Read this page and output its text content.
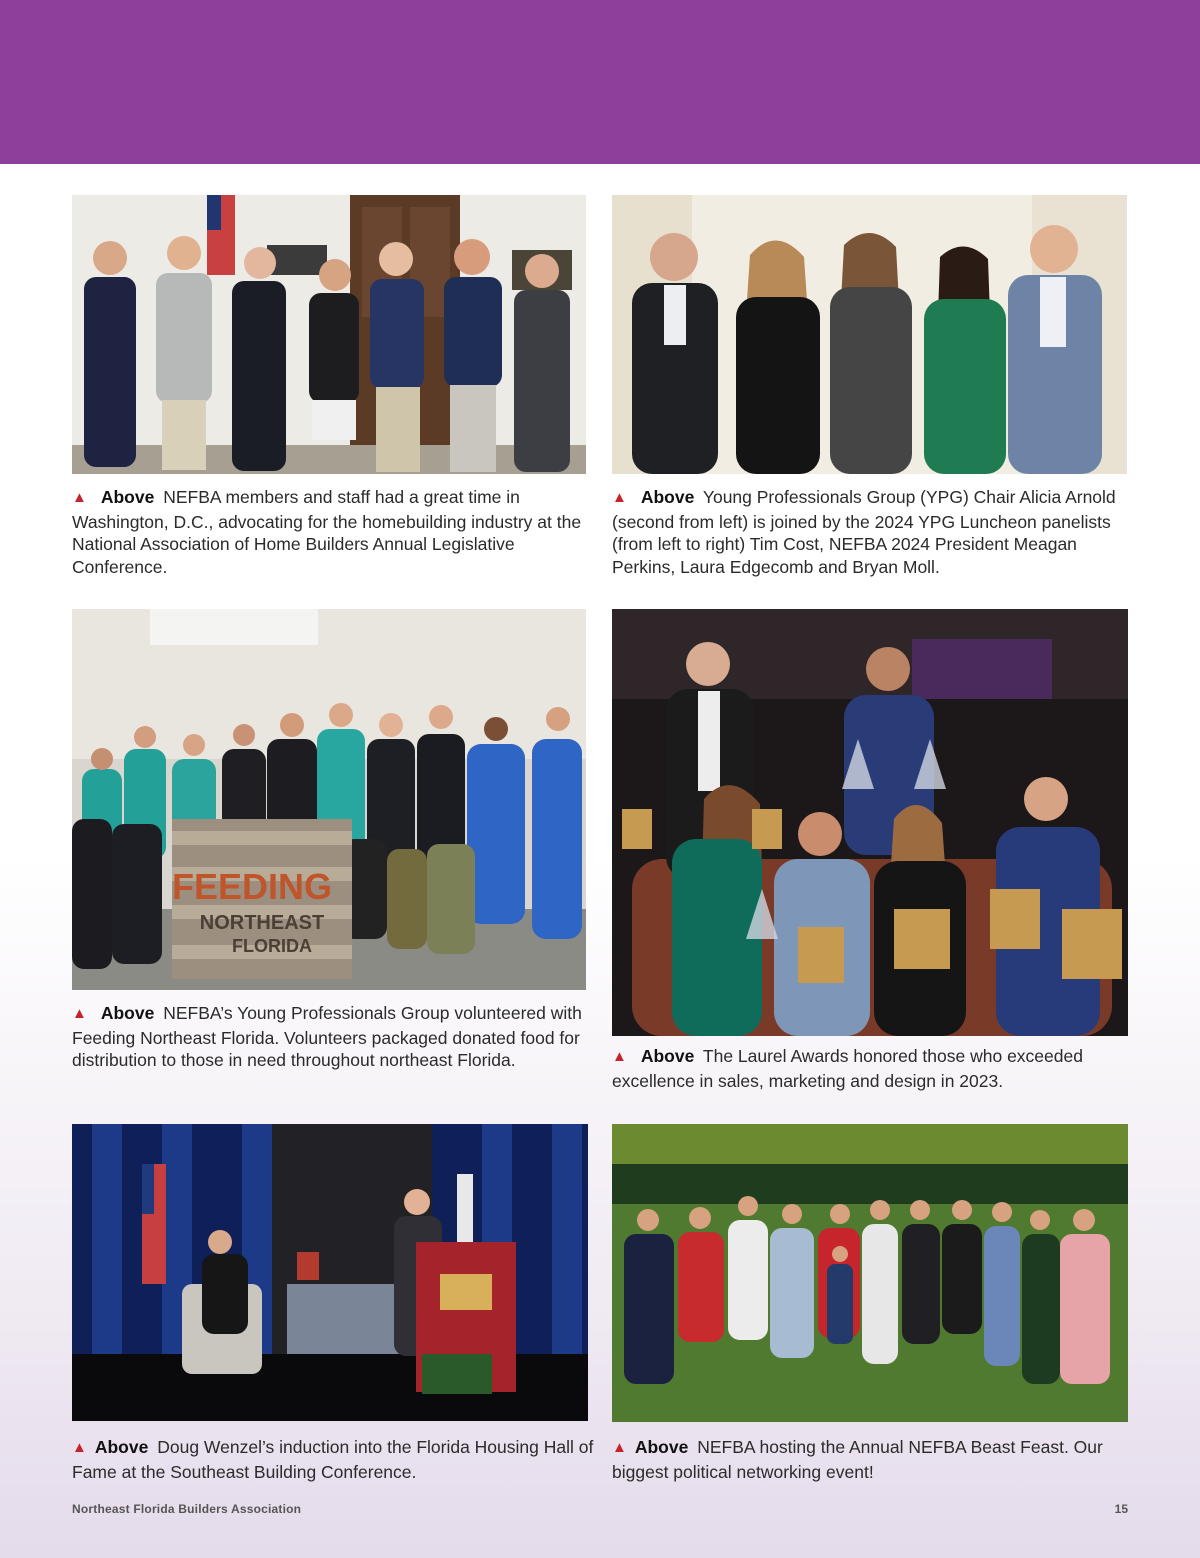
▲ Above NEFBA members and staff had a great time in Washington, D.C., advocating for the homebuilding industry at the National Association of Home Builders Annual Legislative Conference.
▲ Above Young Professionals Group (YPG) Chair Alicia Arnold (second from left) is joined by the 2024 YPG Luncheon panelists (from left to right) Tim Cost, NEFBA 2024 President Meagan Perkins, Laura Edgecomb and Bryan Moll.
FEEDING
NORTHEAST
FLORIDA
▲ Above NEFBA’s Young Professionals Group volunteered with Feeding Northeast Florida. Volunteers packaged donated food for distribution to those in need throughout northeast Florida.	▲ Above The Laurel Awards honored those who exceeded excellence in sales, marketing and design in 2023.
▲ Above Doug Wenzel’s induction into the Florida Housing Hall of Fame at the Southeast Building Conference.
▲ Above NEFBA hosting the Annual NEFBA Beast Feast. Our biggest political networking event!
Northeast Florida Builders Association	15
